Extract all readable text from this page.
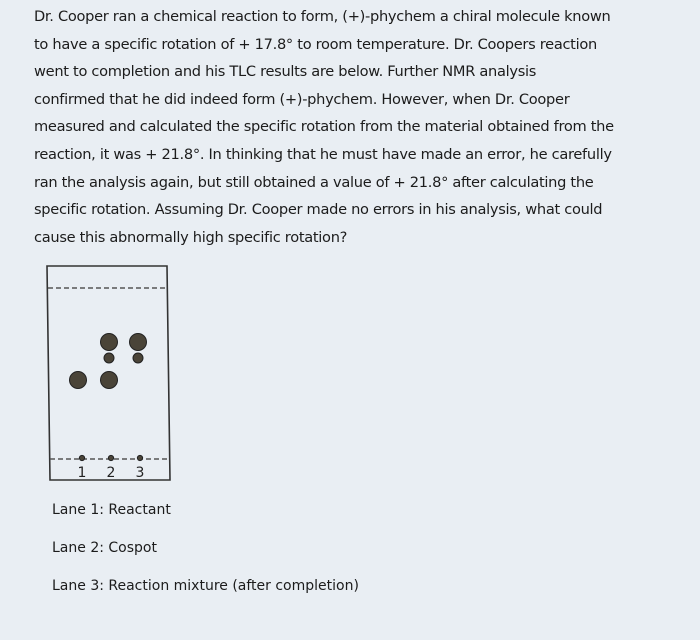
Dr. Cooper ran a chemical reaction to form, (+)-phychem a chiral molecule known
to have a specific rotation of + 17.8° to room temperature. Dr. Coopers reaction
went to completion and his TLC results are below. Further NMR analysis
confirmed that he did indeed form (+)-phychem. However, when Dr. Cooper
measured and calculated the specific rotation from the material obtained from the
reaction, it was + 21.8°. In thinking that he must have made an error, he carefully
ran the analysis again, but still obtained a value of + 21.8° after calculating the
specific rotation. Assuming Dr. Cooper made no errors in his analysis, what could
cause this abnormally high specific rotation?
1 2 3
Lane 1: Reactant
Lane 2: Cospot
Lane 3: Reaction mixture (after completion)
